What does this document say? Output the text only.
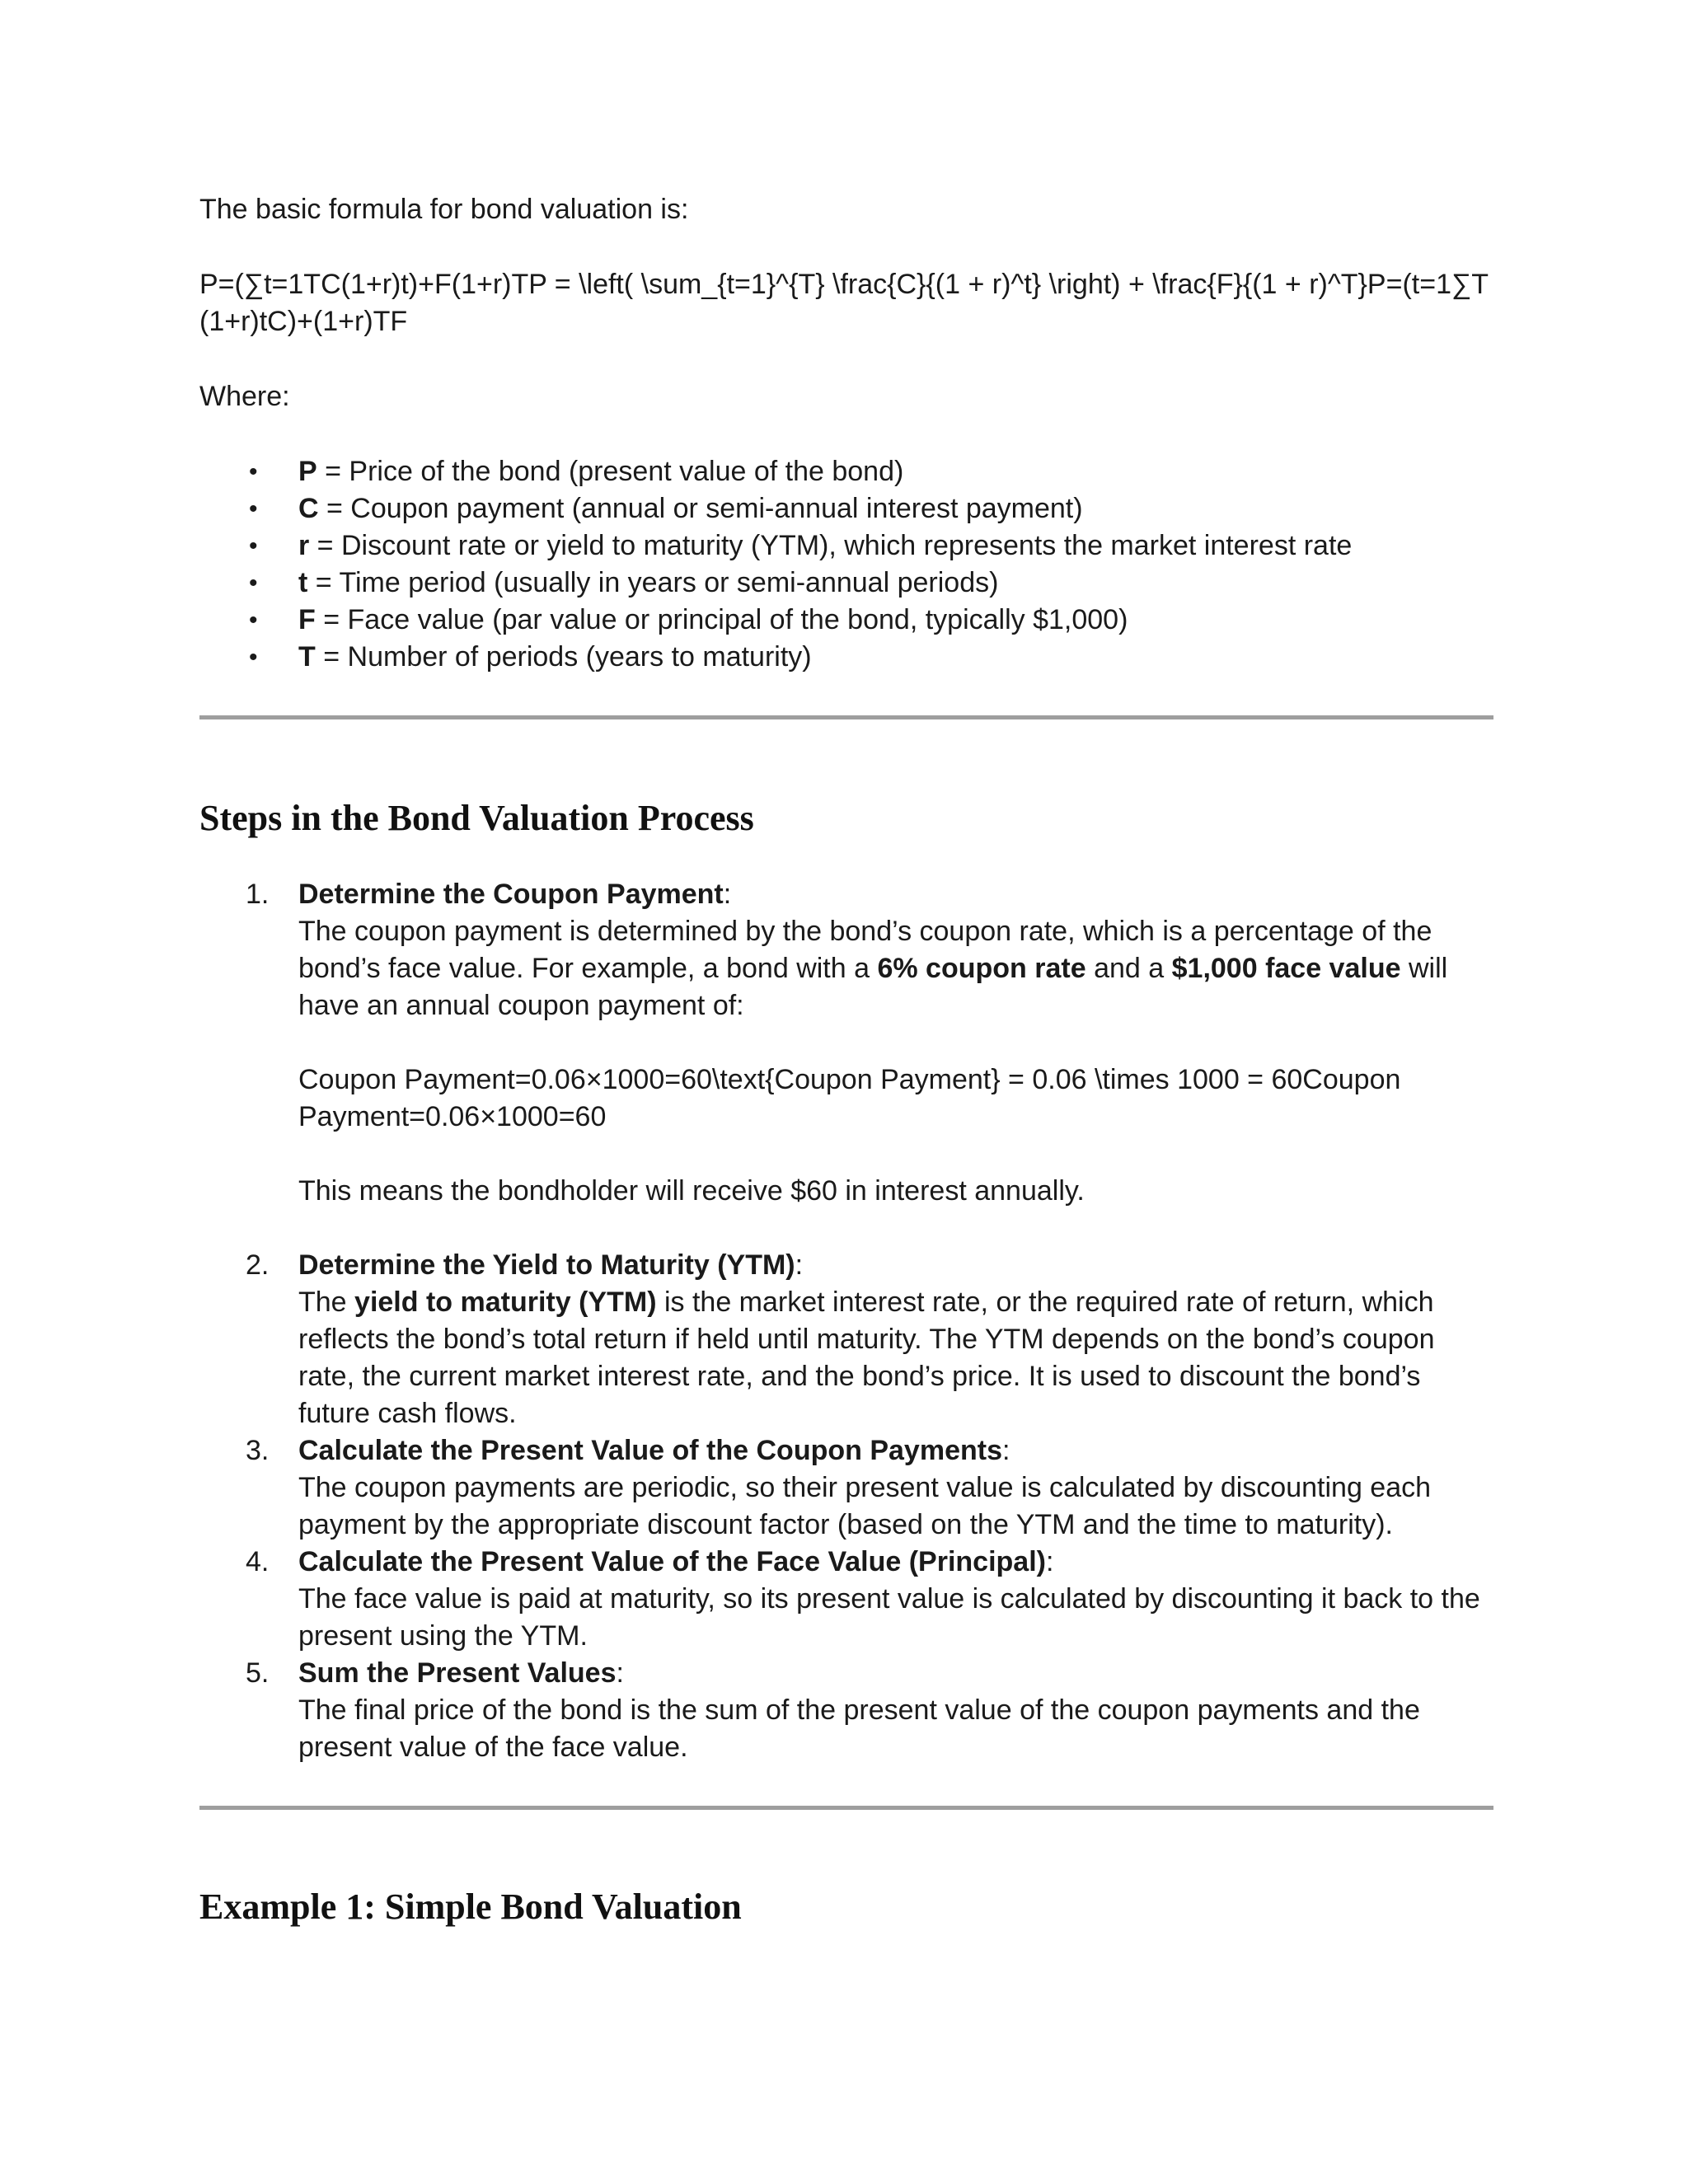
The basic formula for bond valuation is:

P=(∑t=1TC(1+r)t)+F(1+r)TP = \left( \sum_{t=1}^{T} \frac{C}{(1 + r)^t} \right) + \frac{F}{(1 + r)^T}P=(t=1∑T (1+r)tC)+(1+r)TF

Where:

• P = Price of the bond (present value of the bond)
• C = Coupon payment (annual or semi-annual interest payment)
• r = Discount rate or yield to maturity (YTM), which represents the market interest rate
• t = Time period (usually in years or semi-annual periods)
• F = Face value (par value or principal of the bond, typically $1,000)
• T = Number of periods (years to maturity)
Steps in the Bond Valuation Process
1. Determine the Coupon Payment:

The coupon payment is determined by the bond’s coupon rate, which is a percentage of the bond’s face value. For example, a bond with a 6% coupon rate and a $1,000 face value will have an annual coupon payment of:

Coupon Payment=0.06×1000=60\text{Coupon Payment} = 0.06 \times 1000 = 60Coupon Payment=0.06×1000=60

This means the bondholder will receive $60 in interest annually.

2. Determine the Yield to Maturity (YTM):

The yield to maturity (YTM) is the market interest rate, or the required rate of return, which reflects the bond’s total return if held until maturity. The YTM depends on the bond’s coupon rate, the current market interest rate, and the bond’s price. It is used to discount the bond’s future cash flows.

3. Calculate the Present Value of the Coupon Payments:

The coupon payments are periodic, so their present value is calculated by discounting each payment by the appropriate discount factor (based on the YTM and the time to maturity).

4. Calculate the Present Value of the Face Value (Principal):

The face value is paid at maturity, so its present value is calculated by discounting it back to the present using the YTM.

5. Sum the Present Values:

The final price of the bond is the sum of the present value of the coupon payments and the present value of the face value.

Example 1: Simple Bond Valuation
